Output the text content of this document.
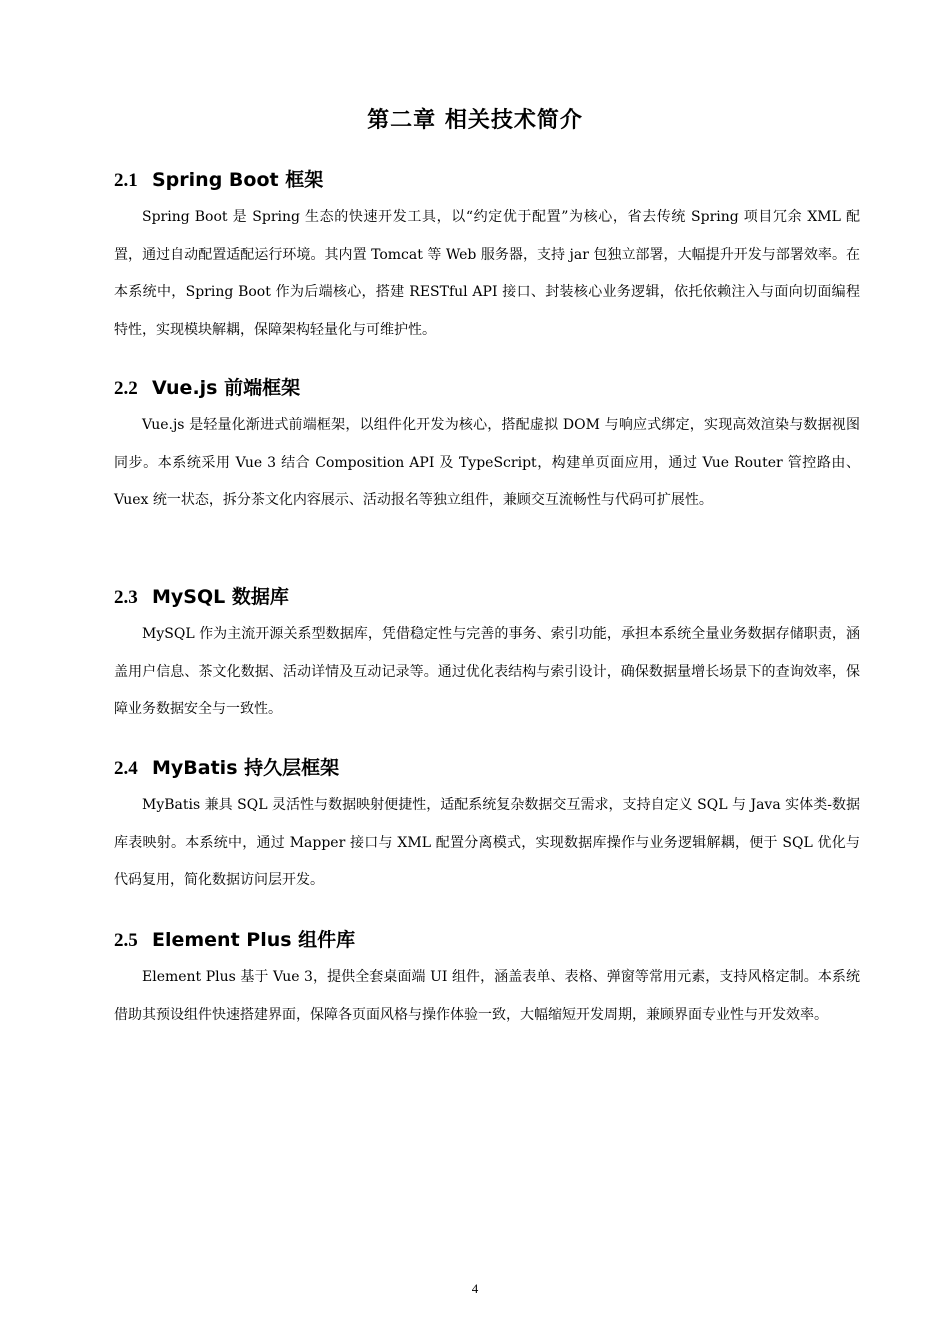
第二章 相关技术简介
2.1 Spring Boot 框架

Spring Boot 是 Spring 生态的快速开发工具，以“约定优于配置”为核心，省去传统 Spring 项目冗余 XML 配置，通过自动配置适配运行环境。其内置 Tomcat 等 Web 服务器，支持 jar 包独立部署，大幅提升开发与部署效率。在本系统中，Spring Boot 作为后端核心，搭建 RESTful API 接口、封装核心业务逻辑，依托依赖注入与面向切面编程特性，实现模块解耦，保障架构轻量化与可维护性。

2.2 Vue.js 前端框架

Vue.js 是轻量化渐进式前端框架，以组件化开发为核心，搭配虚拟 DOM 与响应式绑定，实现高效渲染与数据视图同步。本系统采用 Vue 3 结合 Composition API 及 TypeScript，构建单页面应用，通过 Vue Router 管控路由、Vuex 统一状态，拆分茶文化内容展示、活动报名等独立组件，兼顾交互流畅性与代码可扩展性。

2.3 MySQL 数据库

MySQL 作为主流开源关系型数据库，凭借稳定性与完善的事务、索引功能，承担本系统全量业务数据存储职责，涵盖用户信息、茶文化数据、活动详情及互动记录等。通过优化表结构与索引设计，确保数据量增长场景下的查询效率，保障业务数据安全与一致性。

2.4 MyBatis 持久层框架

MyBatis 兼具 SQL 灵活性与数据映射便捷性，适配系统复杂数据交互需求，支持自定义 SQL 与 Java 实体类-数据库表映射。本系统中，通过 Mapper 接口与 XML 配置分离模式，实现数据库操作与业务逻辑解耦，便于 SQL 优化与代码复用，简化数据访问层开发。

2.5 Element Plus 组件库

Element Plus 基于 Vue 3，提供全套桌面端 UI 组件，涵盖表单、表格、弹窗等常用元素，支持风格定制。本系统借助其预设组件快速搭建界面，保障各页面风格与操作体验一致，大幅缩短开发周期，兼顾界面专业性与开发效率。

4
